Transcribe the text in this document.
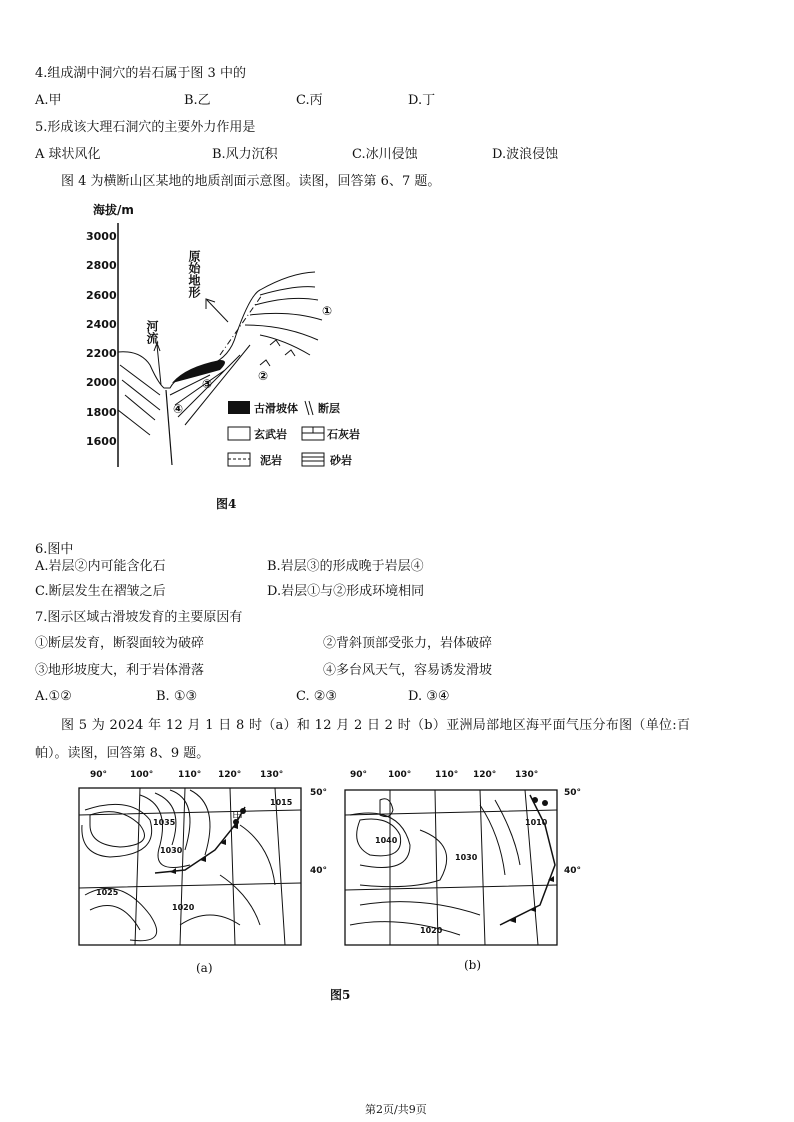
4.组成湖中洞穴的岩石属于图 3 中的
A.甲	B.乙	C.丙	D.丁
5.形成该大理石洞穴的主要外力作用是
A 球状风化	B.风力沉积	C.冰川侵蚀	D.波浪侵蚀
图 4 为横断山区某地的地质剖面示意图。读图，回答第 6、7 题。
海拔/m
3000
2800
2600
2400
2200
2000
1800
1600
河流
原始地形
①
②
③
④	古滑坡体 断层
玄武岩	石灰岩
泥岩	砂岩
图4
6.图中
A.岩层②内可能含化石	B.岩层③的形成晚于岩层④
C.断层发生在褶皱之后	D.岩层①与②形成环境相同
7.图示区域古滑坡发育的主要原因有
①断层发育，断裂面较为破碎	②背斜顶部受张力，岩体破碎
③地形坡度大，利于岩体滑落	④多台风天气，容易诱发滑坡
A.①②	B. ①③	C. ②③	D. ③④
图 5 为 2024 年 12 月 1 日 8 时（a）和 12 月 2 日 2 时（b）亚洲局部地区海平面气压分布图（单位:百
帕）。读图，回答第 8、9 题。
90°	100°	110° 120° 130°
50°
40°
1035
1030
1025
1020
1015
甲
90° 100°	110° 120° 130°
50°
40°
1040
1030
1020
1010
(a)	(b)
图5
第2页/共9页
